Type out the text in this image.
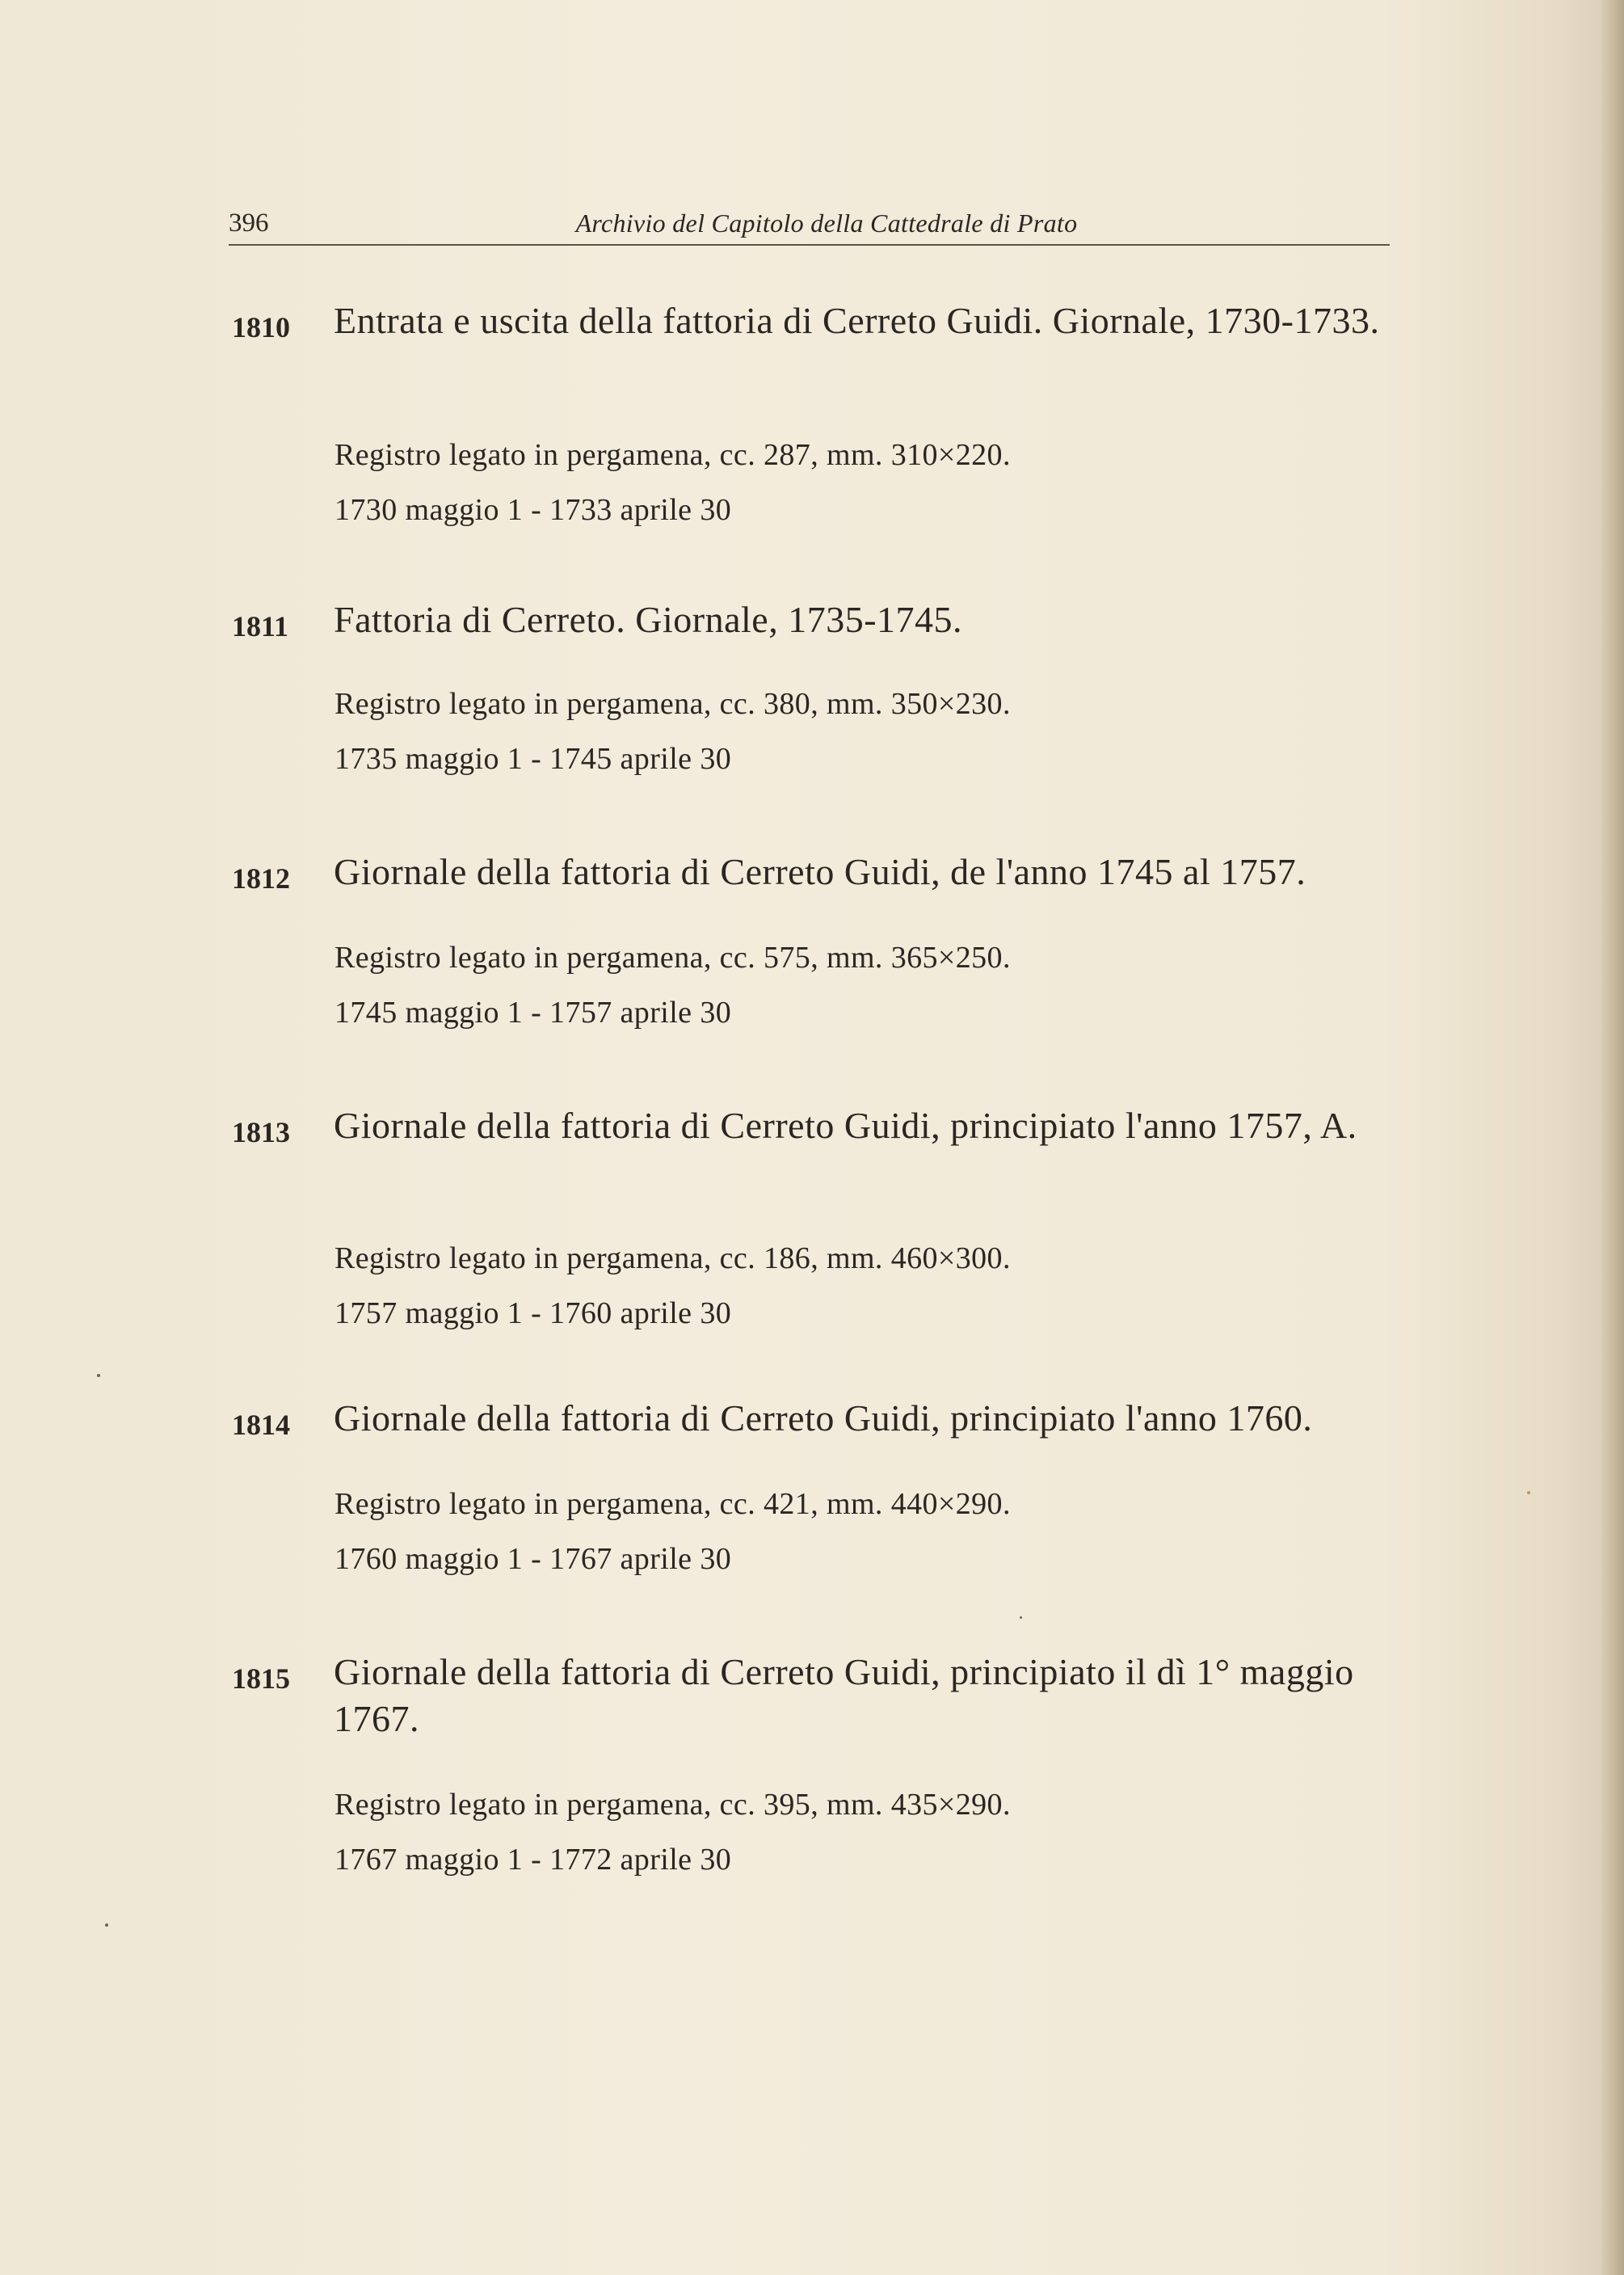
396	Archivio del Capitolo della Cattedrale di Prato
1810 Entrata e uscita della fattoria di Cerreto Guidi. Giornale, 1730-1733.
Registro legato in pergamena, cc. 287, mm. 310×220.
1730 maggio 1 - 1733 aprile 30
1811 Fattoria di Cerreto. Giornale, 1735-1745.
Registro legato in pergamena, cc. 380, mm. 350×230.
1735 maggio 1 - 1745 aprile 30
1812 Giornale della fattoria di Cerreto Guidi, de l'anno 1745 al 1757.
Registro legato in pergamena, cc. 575, mm. 365×250.
1745 maggio 1 - 1757 aprile 30
1813 Giornale della fattoria di Cerreto Guidi, principiato l'anno 1757, A.
Registro legato in pergamena, cc. 186, mm. 460×300.
1757 maggio 1 - 1760 aprile 30
1814 Giornale della fattoria di Cerreto Guidi, principiato l'anno 1760.
Registro legato in pergamena, cc. 421, mm. 440×290.
1760 maggio 1 - 1767 aprile 30
1815 Giornale della fattoria di Cerreto Guidi, principiato il dì 1° maggio 1767.
Registro legato in pergamena, cc. 395, mm. 435×290.
1767 maggio 1 - 1772 aprile 30
